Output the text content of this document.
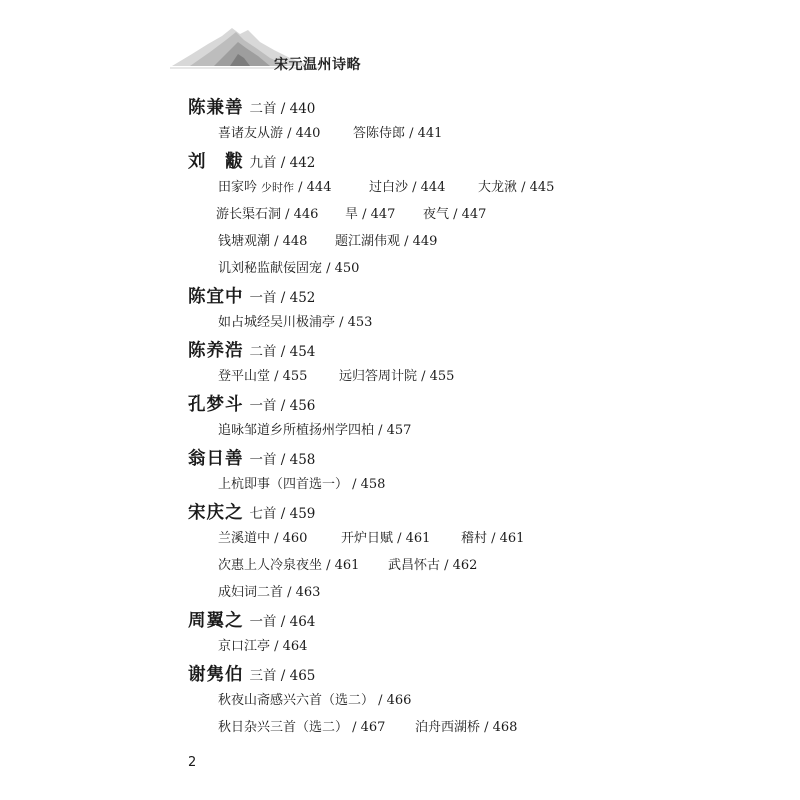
宋元温州诗略
陈兼善 二首 / 440
喜诸友从游 / 440	答陈侍郎 / 441
刘　黻 九首 / 442
田家吟 少时作 / 444	过白沙 / 444	大龙湫 / 445
游长渠石洞 / 446 旱 / 447 夜气 / 447
钱塘观潮 / 448 题江湖伟观 / 449
讥刘秘监献佞固宠 / 450
陈宜中 一首 / 452
如占城经吴川极浦亭 / 453
陈养浩 二首 / 454
登平山堂 / 455 远归答周计院 / 455
孔梦斗 一首 / 456
追咏邹道乡所植扬州学四柏 / 457
翁日善 一首 / 458
上杭即事（四首选一） / 458
宋庆之 七首 / 459
兰溪道中 / 460	开炉日赋 / 461 稽村 / 461
次惠上人冷泉夜坐 / 461 武昌怀古 / 462
成妇词二首 / 463
周翼之 一首 / 464
京口江亭 / 464
谢隽伯 三首 / 465
秋夜山斋感兴六首（选二） / 466
秋日杂兴三首（选二） / 467 泊舟西湖桥 / 468
2
